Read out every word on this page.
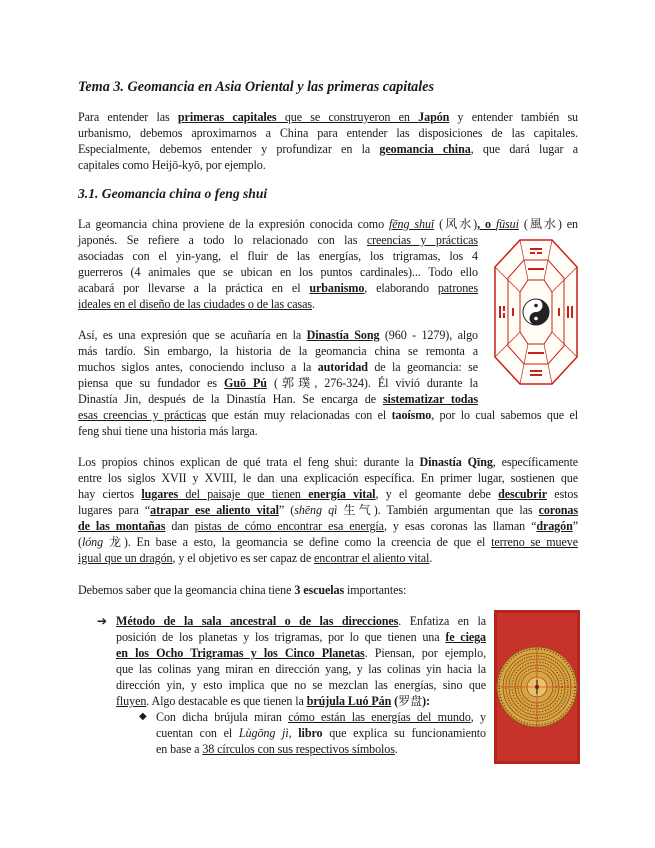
Tema 3. Geomancia en Asia Oriental y las primeras capitales
Para entender las primeras capitales que se construyeron en Japón y entender también su
urbanismo, debemos aproximarnos a China para entender las disposiciones de las capitales.
Especialmente, debemos entender y profundizar en la geomancia china, que dará lugar a
capitales como Heijō-kyō, por ejemplo.
3.1. Geomancia china o feng shui
La geomancia china proviene de la expresión conocida como fēng shuǐ (风水), o fūsui (風水) en
japonés. Se refiere a todo lo relacionado con las creencias y prácticas
asociadas con el yin-yang, el fluir de las energías, los trigramas, los 4
guerreros (4 animales que se ubican en los puntos cardinales)... Todo ello
acabará por llevarse a la práctica en el urbanismo, elaborando patrones
ideales en el diseño de las ciudades o de las casas.
Así, es una expresión que se acuñaría en la Dinastía Song (960 - 1279), algo
más tardío. Sin embargo, la historia de la geomancia china se remonta a
muchos siglos antes, conociendo incluso a la autoridad de la geomancia: se
piensa que su fundador es Guō Pú (郭璞, 276-324). Él vivió durante la
Dinastía Jin, después de la Dinastía Han. Se encarga de sistematizar todas
esas creencias y prácticas que están muy relacionadas con el taoísmo, por lo cual sabemos que el
feng shui tiene una historia más larga.
Los propios chinos explican de qué trata el feng shui: durante la Dinastía Qīng, específicamente
entre los siglos XVII y XVIII, le dan una explicación específica. En primer lugar, sostienen que
hay ciertos lugares del paisaje que tienen energía vital, y el geomante debe descubrir estos
lugares para “atrapar ese aliento vital” (shēng qì 生气). También argumentan que las coronas
de las montañas dan pistas de cómo encontrar esa energía, y esas coronas las llaman “dragón”
(lóng 龙). En base a esto, la geomancia se define como la creencia de que el terreno se mueve
igual que un dragón, y el objetivo es ser capaz de encontrar el aliento vital.
Debemos saber que la geomancia china tiene 3 escuelas importantes:
➔ Método de la sala ancestral o de las direcciones. Enfatiza en la
posición de los planetas y los trigramas, por lo que tienen una fe ciega
en los Ocho Trigramas y los Cinco Planetas. Piensan, por ejemplo,
que las colinas yang miran en dirección yang, y las colinas yin hacia la
dirección yin, y esto implica que no se mezclan las energías, sino que
fluyen. Algo destacable es que tienen la brújula Luó Pán (罗盘):
◆ Con dicha brújula miran cómo están las energías del mundo, y
cuentan con el Lùgōng jì, libro que explica su funcionamiento
en base a 38 círculos con sus respectivos símbolos.
